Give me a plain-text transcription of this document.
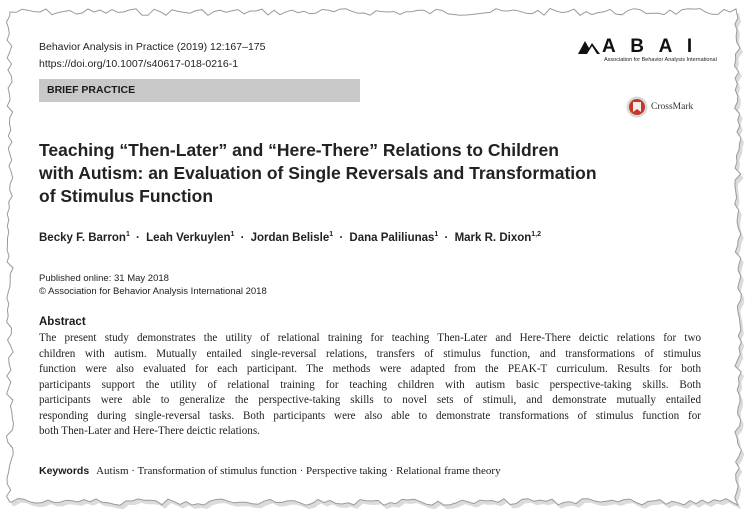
Behavior Analysis in Practice (2019) 12:167–175
https://doi.org/10.1007/s40617-018-0216-1
A B A I
Association for Behavior Analysis International
BRIEF PRACTICE
CrossMark
Teaching “Then-Later” and “Here-There” Relations to Children
with Autism: an Evaluation of Single Reversals and Transformation
of Stimulus Function
Becky F. Barron$^1$ · Leah Verkuylen$^1$ · Jordan Belisle$^1$ · Dana Paliliunas$^1$ · Mark R. Dixon$^{1,2}$
Published online: 31 May 2018
© Association for Behavior Analysis International 2018
Abstract
The present study demonstrates the utility of relational training for teaching Then-Later and Here-There deictic relations for two
children with autism. Mutually entailed single-reversal relations, transfers of stimulus function, and transformations of stimulus
function were also evaluated for each participant. The methods were adapted from the PEAK-T curriculum. Results for both
participants support the utility of relational training for teaching children with autism basic perspective-taking skills. Both
participants were able to generalize the perspective-taking skills to novel sets of stimuli, and demonstrate mutually entailed
responding during single-reversal tasks. Both participants were also able to demonstrate transformations of stimulus function for
both Then-Later and Here-There deictic relations.
Keywords Autism · Transformation of stimulus function · Perspective taking · Relational frame theory
